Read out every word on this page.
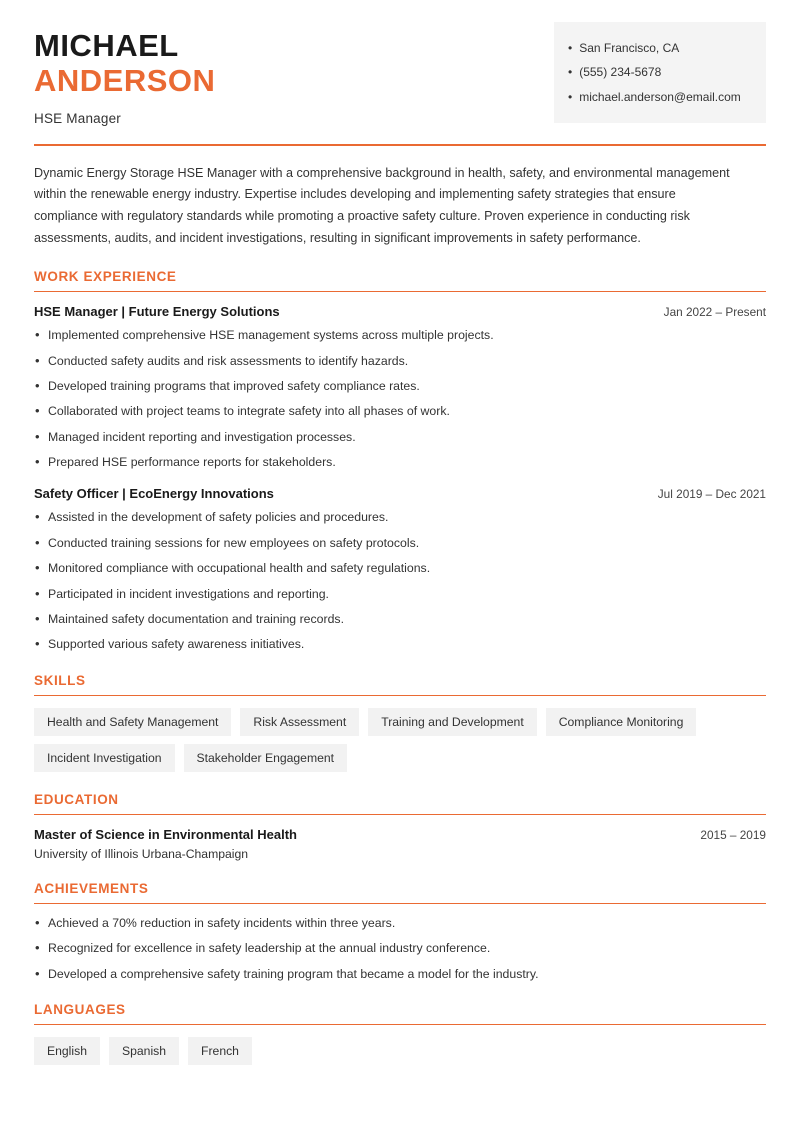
MICHAEL
ANDERSON
HSE Manager
• San Francisco, CA
• (555) 234-5678
• michael.anderson@email.com
Dynamic Energy Storage HSE Manager with a comprehensive background in health, safety, and environmental management within the renewable energy industry. Expertise includes developing and implementing safety strategies that ensure compliance with regulatory standards while promoting a proactive safety culture. Proven experience in conducting risk assessments, audits, and incident investigations, resulting in significant improvements in safety performance.
WORK EXPERIENCE
HSE Manager | Future Energy Solutions	Jan 2022 – Present
• Implemented comprehensive HSE management systems across multiple projects.
• Conducted safety audits and risk assessments to identify hazards.
• Developed training programs that improved safety compliance rates.
• Collaborated with project teams to integrate safety into all phases of work.
• Managed incident reporting and investigation processes.
• Prepared HSE performance reports for stakeholders.
Safety Officer | EcoEnergy Innovations	Jul 2019 – Dec 2021
• Assisted in the development of safety policies and procedures.
• Conducted training sessions for new employees on safety protocols.
• Monitored compliance with occupational health and safety regulations.
• Participated in incident investigations and reporting.
• Maintained safety documentation and training records.
• Supported various safety awareness initiatives.
SKILLS
Health and Safety Management	Risk Assessment	Training and Development	Compliance Monitoring
Incident Investigation	Stakeholder Engagement
EDUCATION
Master of Science in Environmental Health	2015 – 2019
University of Illinois Urbana-Champaign
ACHIEVEMENTS
• Achieved a 70% reduction in safety incidents within three years.
• Recognized for excellence in safety leadership at the annual industry conference.
• Developed a comprehensive safety training program that became a model for the industry.
LANGUAGES
English	Spanish	French
